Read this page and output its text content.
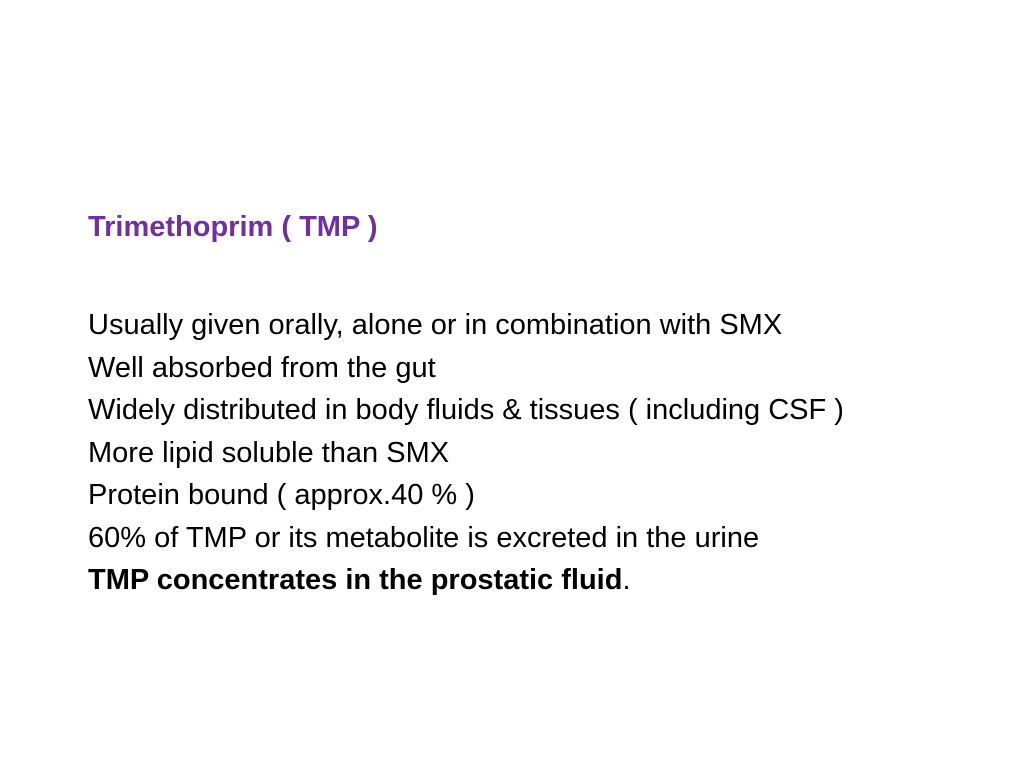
Trimethoprim ( TMP )
Usually given orally, alone or in combination with SMX
Well absorbed from the gut
Widely distributed in body fluids & tissues ( including CSF )
More lipid soluble than SMX
Protein bound ( approx.40 % )
60% of TMP or its metabolite is excreted in the urine
TMP concentrates in the prostatic fluid.
